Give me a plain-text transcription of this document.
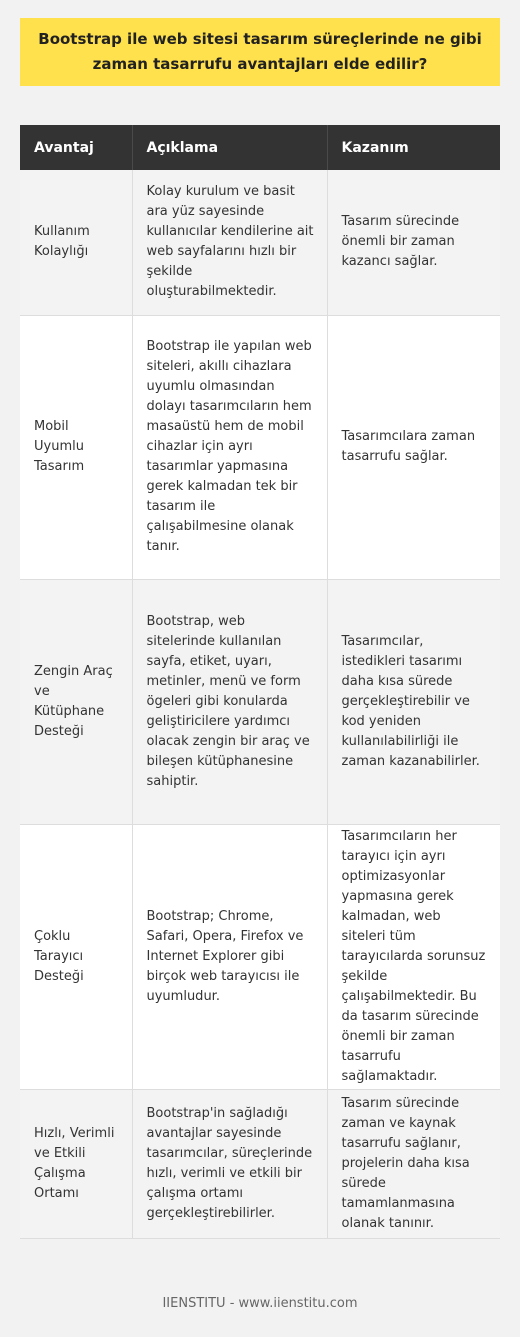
Bootstrap ile web sitesi tasarım süreçlerinde ne gibi zaman tasarrufu avantajları elde edilir?
Avantaj	Açıklama	Kazanım
Kullanım Kolaylığı	Kolay kurulum ve basit ara yüz sayesinde kullanıcılar kendilerine ait web sayfalarını hızlı bir şekilde oluşturabilmektedir.	Tasarım sürecinde önemli bir zaman kazancı sağlar.
Mobil Uyumlu Tasarım	Bootstrap ile yapılan web siteleri, akıllı cihazlara uyumlu olmasından dolayı tasarımcıların hem masaüstü hem de mobil cihazlar için ayrı tasarımlar yapmasına gerek kalmadan tek bir tasarım ile çalışabilmesine olanak tanır.	Tasarımcılara zaman tasarrufu sağlar.
Zengin Araç ve Kütüphane Desteği	Bootstrap, web sitelerinde kullanılan sayfa, etiket, uyarı, metinler, menü ve form ögeleri gibi konularda geliştiricilere yardımcı olacak zengin bir araç ve bileşen kütüphanesine sahiptir.	Tasarımcılar, istedikleri tasarımı daha kısa sürede gerçekleştirebilir ve kod yeniden kullanılabilirliği ile zaman kazanabilirler.
Çoklu Tarayıcı Desteği	Bootstrap; Chrome, Safari, Opera, Firefox ve Internet Explorer gibi birçok web tarayıcısı ile uyumludur.	Tasarımcıların her tarayıcı için ayrı optimizasyonlar yapmasına gerek kalmadan, web siteleri tüm tarayıcılarda sorunsuz şekilde çalışabilmektedir. Bu da tasarım sürecinde önemli bir zaman tasarrufu sağlamaktadır.
Hızlı, Verimli ve Etkili Çalışma Ortamı	Bootstrap'in sağladığı avantajlar sayesinde tasarımcılar, süreçlerinde hızlı, verimli ve etkili bir çalışma ortamı gerçekleştirebilirler.	Tasarım sürecinde zaman ve kaynak tasarrufu sağlanır, projelerin daha kısa sürede tamamlanmasına olanak tanınır.
IIENSTITU - www.iienstitu.com
